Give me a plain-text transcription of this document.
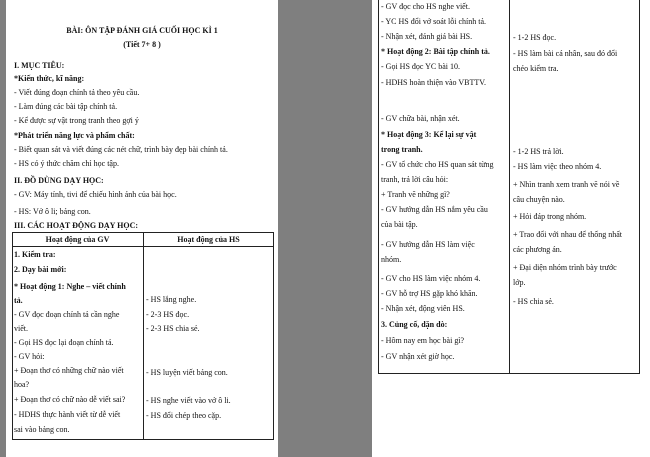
BÀI: ÔN TẬP ĐÁNH GIÁ CUỐI HỌC KÌ 1
(Tiết 7+ 8 )
I. MỤC TIÊU:
*Kiến thức, kĩ năng:
- Viết đúng đoạn chính tả theo yêu cầu.
- Làm đúng các bài tập chính tả.
- Kể được sự vật trong tranh theo gợi ý
*Phát triển năng lực và phẩm chất:
- Biết quan sát và viết đúng các nét chữ, trình bày đẹp bài chính tả.
- HS có ý thức chăm chỉ học tập.
II. ĐỒ DÙNG DẠY HỌC:
- GV: Máy tính, tivi để chiếu hình ảnh của bài học.
- HS: Vở ô li; bảng con.
III. CÁC HOẠT ĐỘNG DẠY HỌC:
Hoạt động của GV	Hoạt động của HS
1. Kiểm tra:
2. Dạy bài mới:
* Hoạt động 1: Nghe – viết chính
tả.
- GV đọc đoạn chính tả cần nghe
viết.
- Gọi HS đọc lại đoạn chính tả.
- GV hỏi:
+ Đoạn thơ có những chữ nào viết
hoa?
+ Đoạn thơ có chữ nào dễ viết sai?
- HDHS thực hành viết từ dễ viết
sai vào bảng con.
- HS lắng nghe.
- 2-3 HS đọc.
- 2-3 HS chia sẻ.
- HS luyện viết bảng con.
- HS nghe viết vào vở ô li.
- HS đổi chép theo cặp.
- GV đọc cho HS nghe viết.
- YC HS đổi vở soát lỗi chính tả.
- Nhận xét, đánh giá bài HS.
* Hoạt động 2: Bài tập chính tả.
- Gọi HS đọc YC bài 10.
- HDHS hoàn thiện vào VBTTV.
- GV chữa bài, nhận xét.
* Hoạt động 3: Kể lại sự vật
trong tranh.
- GV tổ chức cho HS quan sát từng
tranh, trả lời câu hỏi:
+ Tranh vẽ những gì?
- GV hướng dẫn HS nắm yêu cầu
của bài tập.
- GV hướng dẫn HS làm việc
nhóm.
- GV cho HS làm việc nhóm 4.
- GV hỗ trợ HS gặp khó khăn.
- Nhận xét, động viên HS.
3. Củng cố, dặn dò:
- Hôm nay em học bài gì?
- GV nhận xét giờ học.
- 1-2 HS đọc.
- HS làm bài cá nhân, sau đó đổi
chéo kiểm tra.
- 1-2 HS trả lời.
- HS làm việc theo nhóm 4.
+ Nhìn tranh xem tranh vẽ nói về
câu chuyện nào.
+ Hỏi đáp trong nhóm.
+ Trao đổi với nhau để thống nhất
các phương án.
+ Đại diện nhóm trình bày trước
lớp.
- HS chia sẻ.
